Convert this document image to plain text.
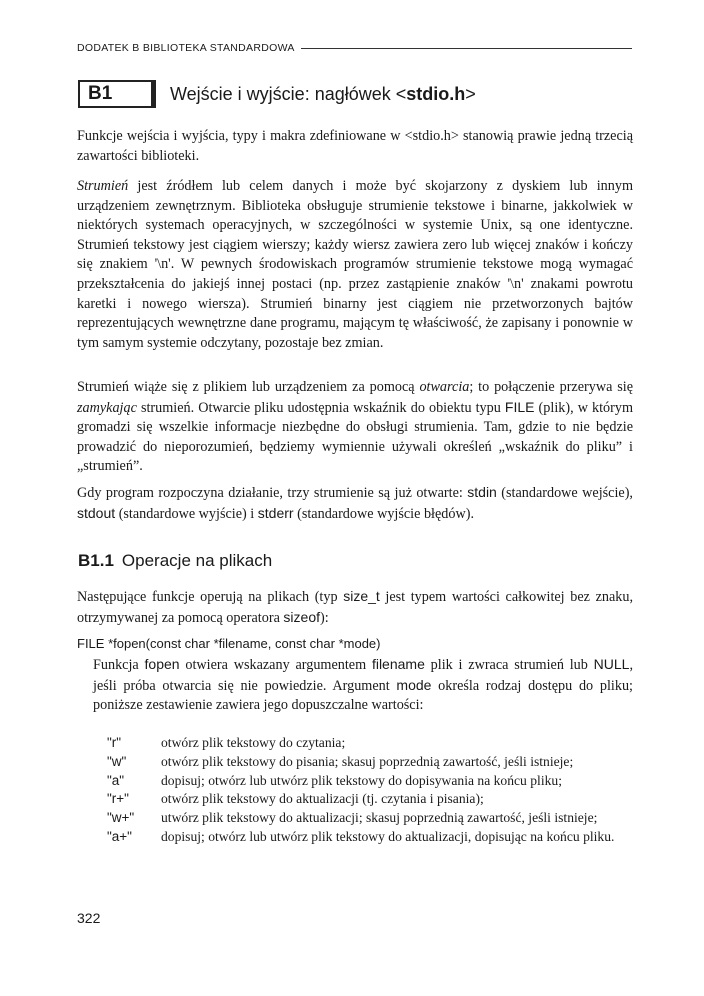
DODATEK B BIBLIOTEKA STANDARDOWA
B1	Wejście i wyjście: nagłówek <stdio.h>

Funkcje wejścia i wyjścia, typy i makra zdefiniowane w <stdio.h> stanowią prawie jedną trzecią zawartości biblioteki.

Strumień jest źródłem lub celem danych i może być skojarzony z dyskiem lub innym urządzeniem zewnętrznym. Biblioteka obsługuje strumienie tekstowe i binarne, jakkolwiek w niektórych systemach operacyjnych, w szczególności w systemie Unix, są one identyczne. Strumień tekstowy jest ciągiem wierszy; każdy wiersz zawiera zero lub więcej znaków i kończy się znakiem '\n'. W pewnych środowiskach programów strumienie tekstowe mogą wymagać przekształcenia do jakiejś innej postaci (np. przez zastąpienie znaków '\n' znakami powrotu karetki i nowego wiersza). Strumień binarny jest ciągiem nie przetworzonych bajtów reprezentujących wewnętrzne dane programu, mającym tę właściwość, że zapisany i ponownie w tym samym systemie odczytany, pozostaje bez zmian.

Strumień wiąże się z plikiem lub urządzeniem za pomocą otwarcia; to połączenie przerywa się zamykając strumień. Otwarcie pliku udostępnia wskaźnik do obiektu typu FILE (plik), w którym gromadzi się wszelkie informacje niezbędne do obsługi strumienia. Tam, gdzie to nie będzie prowadzić do nieporozumień, będziemy wymiennie używali określeń „wskaźnik do pliku” i „strumień”.

Gdy program rozpoczyna działanie, trzy strumienie są już otwarte: stdin (standardowe wejście), stdout (standardowe wyjście) i stderr (standardowe wyjście błędów).

B1.1 Operacje na plikach

Następujące funkcje operują na plikach (typ size_t jest typem wartości całkowitej bez znaku, otrzymywanej za pomocą operatora sizeof):

FILE *fopen(const char *filename, const char *mode)

Funkcja fopen otwiera wskazany argumentem filename plik i zwraca strumień lub NULL, jeśli próba otwarcia się nie powiedzie. Argument mode określa rodzaj dostępu do pliku; poniższe zestawienie zawiera jego dopuszczalne wartości:

"r"	otwórz plik tekstowy do czytania;
"w"	otwórz plik tekstowy do pisania; skasuj poprzednią zawartość, jeśli istnieje;
"a"	dopisuj; otwórz lub utwórz plik tekstowy do dopisywania na końcu pliku;
"r+"	otwórz plik tekstowy do aktualizacji (tj. czytania i pisania);
"w+"	utwórz plik tekstowy do aktualizacji; skasuj poprzednią zawartość, jeśli istnieje;
"a+"	dopisuj; otwórz lub utwórz plik tekstowy do aktualizacji, dopisując na końcu pliku.
322
